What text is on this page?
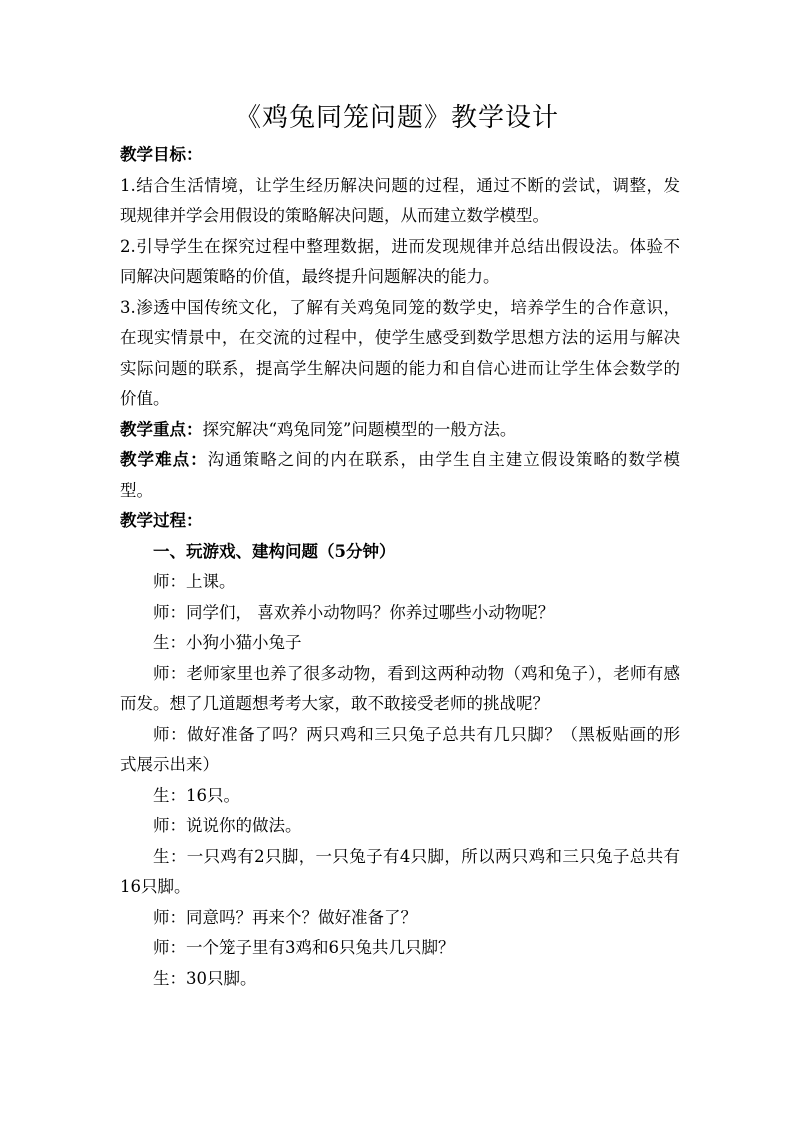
《鸡兔同笼问题》教学设计

教学目标：

1.结合生活情境，让学生经历解决问题的过程，通过不断的尝试，调整，发现规律并学会用假设的策略解决问题，从而建立数学模型。

2.引导学生在探究过程中整理数据，进而发现规律并总结出假设法。体验不同解决问题策略的价值，最终提升问题解决的能力。

3.渗透中国传统文化，了解有关鸡兔同笼的数学史，培养学生的合作意识，在现实情景中，在交流的过程中，使学生感受到数学思想方法的运用与解决实际问题的联系，提高学生解决问题的能力和自信心进而让学生体会数学的价值。

教学重点：探究解决“鸡兔同笼”问题模型的一般方法。

教学难点：沟通策略之间的内在联系，由学生自主建立假设策略的数学模型。

教学过程：

一、玩游戏、建构问题（5分钟）

师：上课。

师：同学们， 喜欢养小动物吗？你养过哪些小动物呢？

生：小狗小猫小兔子

师：老师家里也养了很多动物，看到这两种动物（鸡和兔子），老师有感而发。想了几道题想考考大家，敢不敢接受老师的挑战呢？

师：做好准备了吗？两只鸡和三只兔子总共有几只脚？（黑板贴画的形式展示出来）

生：16只。

师：说说你的做法。

生：一只鸡有2只脚，一只兔子有4只脚，所以两只鸡和三只兔子总共有16只脚。

师：同意吗？再来个？做好准备了？

师：一个笼子里有3鸡和6只兔共几只脚？

生：30只脚。
